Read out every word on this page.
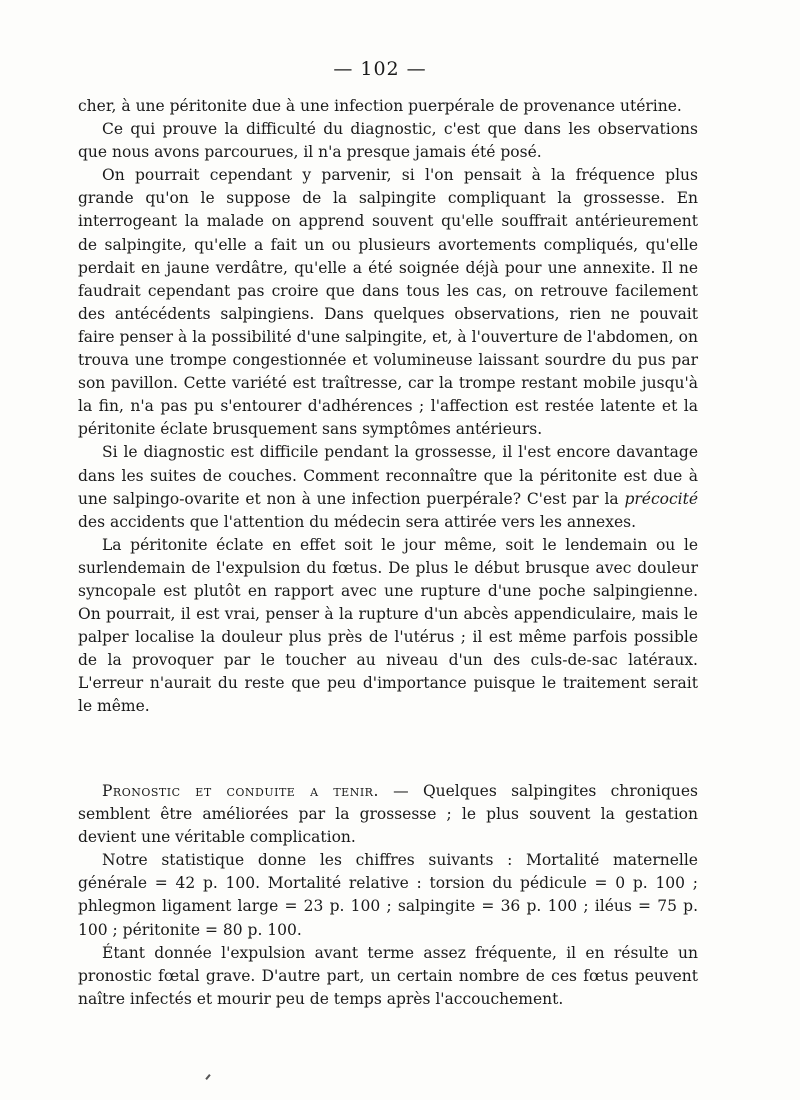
— 102 —

cher, à une péritonite due à une infection puerpérale de provenance utérine.

Ce qui prouve la difficulté du diagnostic, c'est que dans les observations que nous avons parcourues, il n'a presque jamais été posé.

On pourrait cependant y parvenir, si l'on pensait à la fréquence plus grande qu'on le suppose de la salpingite compliquant la grossesse. En interrogeant la malade on apprend souvent qu'elle souffrait antérieurement de salpingite, qu'elle a fait un ou plusieurs avortements compliqués, qu'elle perdait en jaune verdâtre, qu'elle a été soignée déjà pour une annexite. Il ne faudrait cependant pas croire que dans tous les cas, on retrouve facilement des antécédents salpingiens. Dans quelques observations, rien ne pouvait faire penser à la possibilité d'une salpingite, et, à l'ouverture de l'abdomen, on trouva une trompe congestionnée et volumineuse laissant sourdre du pus par son pavillon. Cette variété est traîtresse, car la trompe restant mobile jusqu'à la fin, n'a pas pu s'entourer d'adhérences ; l'affection est restée latente et la péritonite éclate brusquement sans symptômes antérieurs.

Si le diagnostic est difficile pendant la grossesse, il l'est encore davantage dans les suites de couches. Comment reconnaître que la péritonite est due à une salpingo-ovarite et non à une infection puerpérale? C'est par la précocité des accidents que l'attention du médecin sera attirée vers les annexes.

La péritonite éclate en effet soit le jour même, soit le lendemain ou le surlendemain de l'expulsion du fœtus. De plus le début brusque avec douleur syncopale est plutôt en rapport avec une rupture d'une poche salpingienne. On pourrait, il est vrai, penser à la rupture d'un abcès appendiculaire, mais le palper localise la douleur plus près de l'utérus ; il est même parfois possible de la provoquer par le toucher au niveau d'un des culs-de-sac latéraux. L'erreur n'aurait du reste que peu d'importance puisque le traitement serait le même.

Pronostic et conduite a tenir. — Quelques salpingites chroniques semblent être améliorées par la grossesse ; le plus souvent la gestation devient une véritable complication.

Notre statistique donne les chiffres suivants : Mortalité maternelle générale = 42 p. 100. Mortalité relative : torsion du pédicule = 0 p. 100 ; phlegmon ligament large = 23 p. 100 ; salpingite = 36 p. 100 ; iléus = 75 p. 100 ; péritonite = 80 p. 100.

Étant donnée l'expulsion avant terme assez fréquente, il en résulte un pronostic fœtal grave. D'autre part, un certain nombre de ces fœtus peuvent naître infectés et mourir peu de temps après l'accouchement.
